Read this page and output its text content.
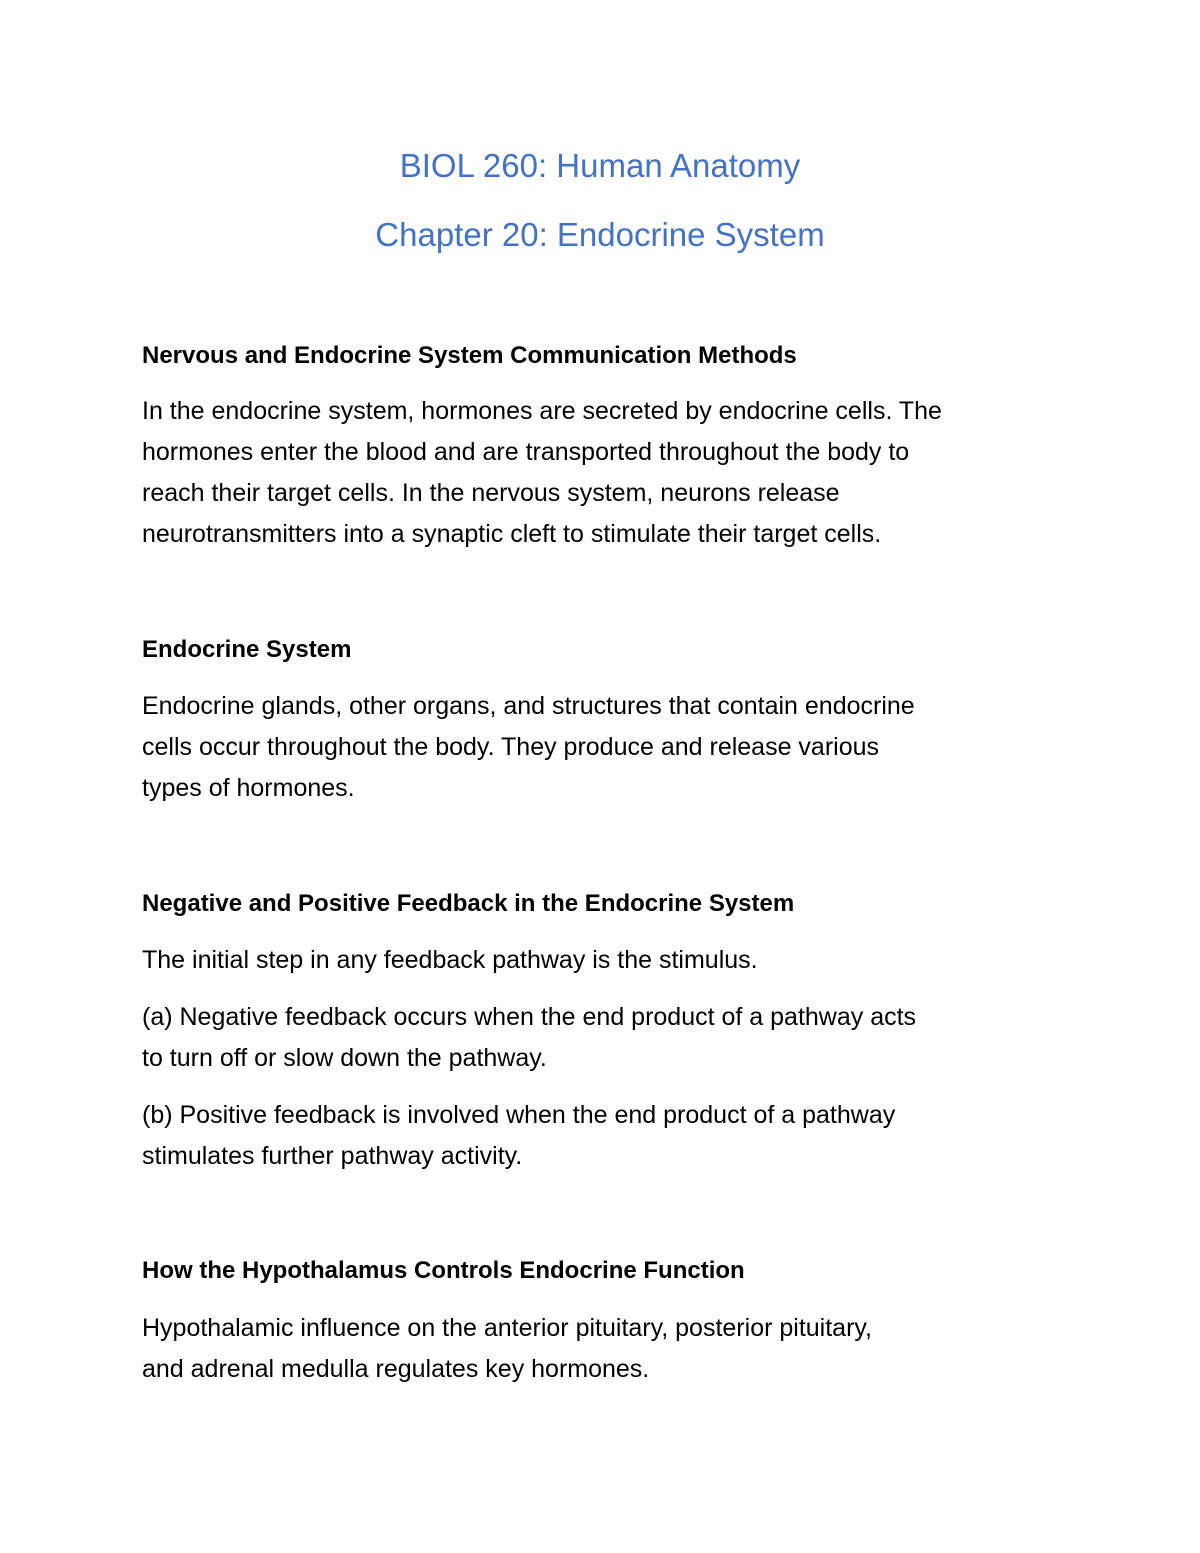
BIOL 260: Human Anatomy
Chapter 20: Endocrine System
Nervous and Endocrine System Communication Methods

In the endocrine system, hormones are secreted by endocrine cells. The
hormones enter the blood and are transported throughout the body to
reach their target cells. In the nervous system, neurons release
neurotransmitters into a synaptic cleft to stimulate their target cells.

Endocrine System

Endocrine glands, other organs, and structures that contain endocrine
cells occur throughout the body. They produce and release various
types of hormones.

Negative and Positive Feedback in the Endocrine System

The initial step in any feedback pathway is the stimulus.

(a) Negative feedback occurs when the end product of a pathway acts
to turn off or slow down the pathway.

(b) Positive feedback is involved when the end product of a pathway
stimulates further pathway activity.

How the Hypothalamus Controls Endocrine Function

Hypothalamic influence on the anterior pituitary, posterior pituitary,
and adrenal medulla regulates key hormones.
